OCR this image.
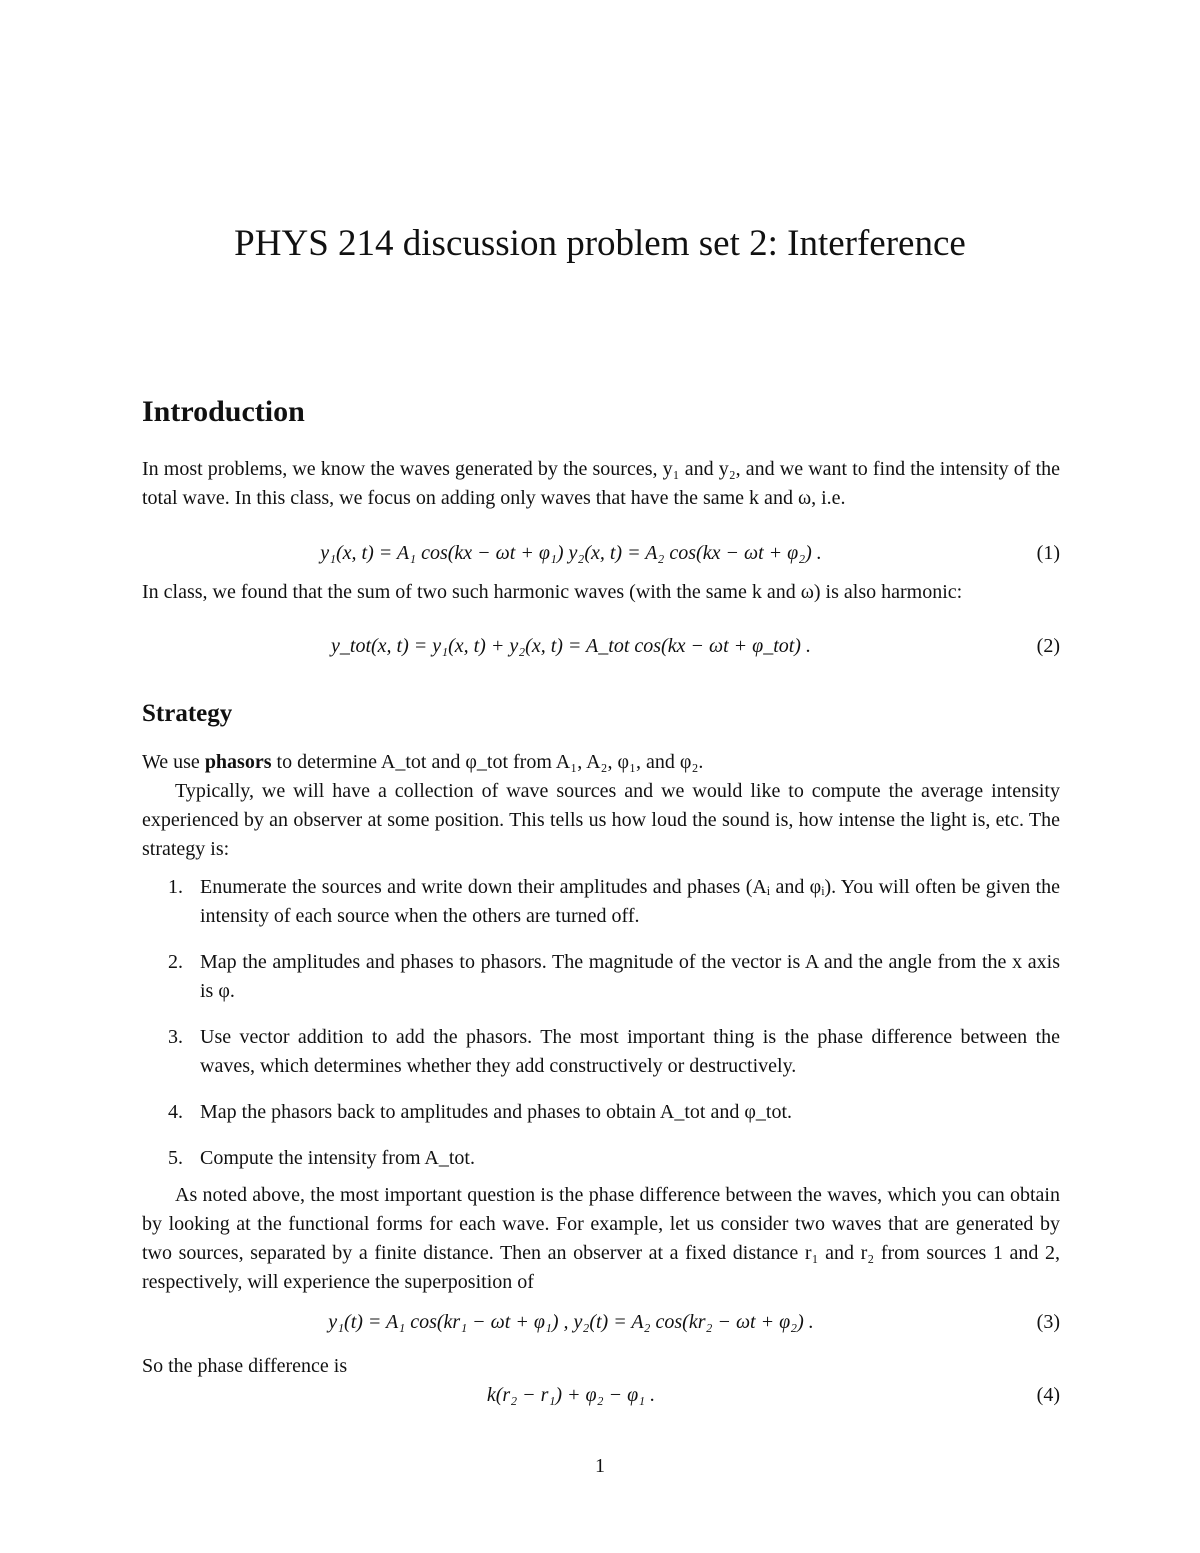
PHYS 214 discussion problem set 2: Interference
Introduction
In most problems, we know the waves generated by the sources, y₁ and y₂, and we want to find the intensity of the total wave. In this class, we focus on adding only waves that have the same k and ω, i.e.
y₁(x, t) = A₁ cos(kx − ωt + φ₁) y₂(x, t) = A₂ cos(kx − ωt + φ₂) .	(1)
In class, we found that the sum of two such harmonic waves (with the same k and ω) is also harmonic:
y_tot(x, t) = y₁(x, t) + y₂(x, t) = A_tot cos(kx − ωt + φ_tot) .	(2)
Strategy
We use phasors to determine A_tot and φ_tot from A₁, A₂, φ₁, and φ₂.
Typically, we will have a collection of wave sources and we would like to compute the average intensity experienced by an observer at some position. This tells us how loud the sound is, how intense the light is, etc. The strategy is:
1. Enumerate the sources and write down their amplitudes and phases (Aᵢ and φᵢ). You will often be given the intensity of each source when the others are turned off.
2. Map the amplitudes and phases to phasors. The magnitude of the vector is A and the angle from the x axis is φ.
3. Use vector addition to add the phasors. The most important thing is the phase difference between the waves, which determines whether they add constructively or destructively.
4. Map the phasors back to amplitudes and phases to obtain A_tot and φ_tot.
5. Compute the intensity from A_tot.
As noted above, the most important question is the phase difference between the waves, which you can obtain by looking at the functional forms for each wave. For example, let us consider two waves that are generated by two sources, separated by a finite distance. Then an observer at a fixed distance r₁ and r₂ from sources 1 and 2, respectively, will experience the superposition of
y₁(t) = A₁ cos(kr₁ − ωt + φ₁) , y₂(t) = A₂ cos(kr₂ − ωt + φ₂) .	(3)
So the phase difference is
k(r₂ − r₁) + φ₂ − φ₁ .	(4)
1
